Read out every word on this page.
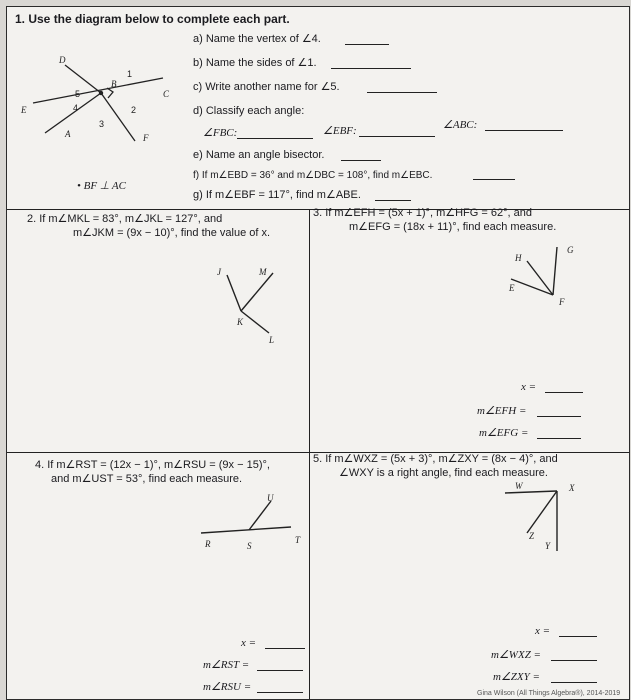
1. Use the diagram below to complete each part.
a) Name the vertex of ∠4.
b) Name the sides of ∠1.
c) Write another name for ∠5.
d) Classify each angle:
∠FBC:	∠EBF:	∠ABC:
e) Name an angle bisector.
f) If m∠EBD = 36° and m∠DBC = 108°, find m∠EBC.
g) If m∠EBF = 117°, find m∠ABE.
• BF ⊥ AC
D
C
E
A	F
B
1
5
4	2
3
2. If m∠MKL = 83°, m∠JKL = 127°, and
m∠JKM = (9x − 10)°, find the value of x.
J	M
K
L
3. If m∠EFH = (5x + 1)°, m∠HFG = 62°, and
m∠EFG = (18x + 11)°, find each measure.
G
H
E
F
x =
m∠EFH =
m∠EFG =
4. If m∠RST = (12x − 1)°, m∠RSU = (9x − 15)°,
and m∠UST = 53°, find each measure.
U
R	S
T
x =
m∠RST =
m∠RSU =
5. If m∠WXZ = (5x + 3)°, m∠ZXY = (8x − 4)°, and
∠WXY is a right angle, find each measure.
W	X
Z
Y
x =
m∠WXZ =
m∠ZXY =
Gina Wilson (All Things Algebra®), 2014-2019
